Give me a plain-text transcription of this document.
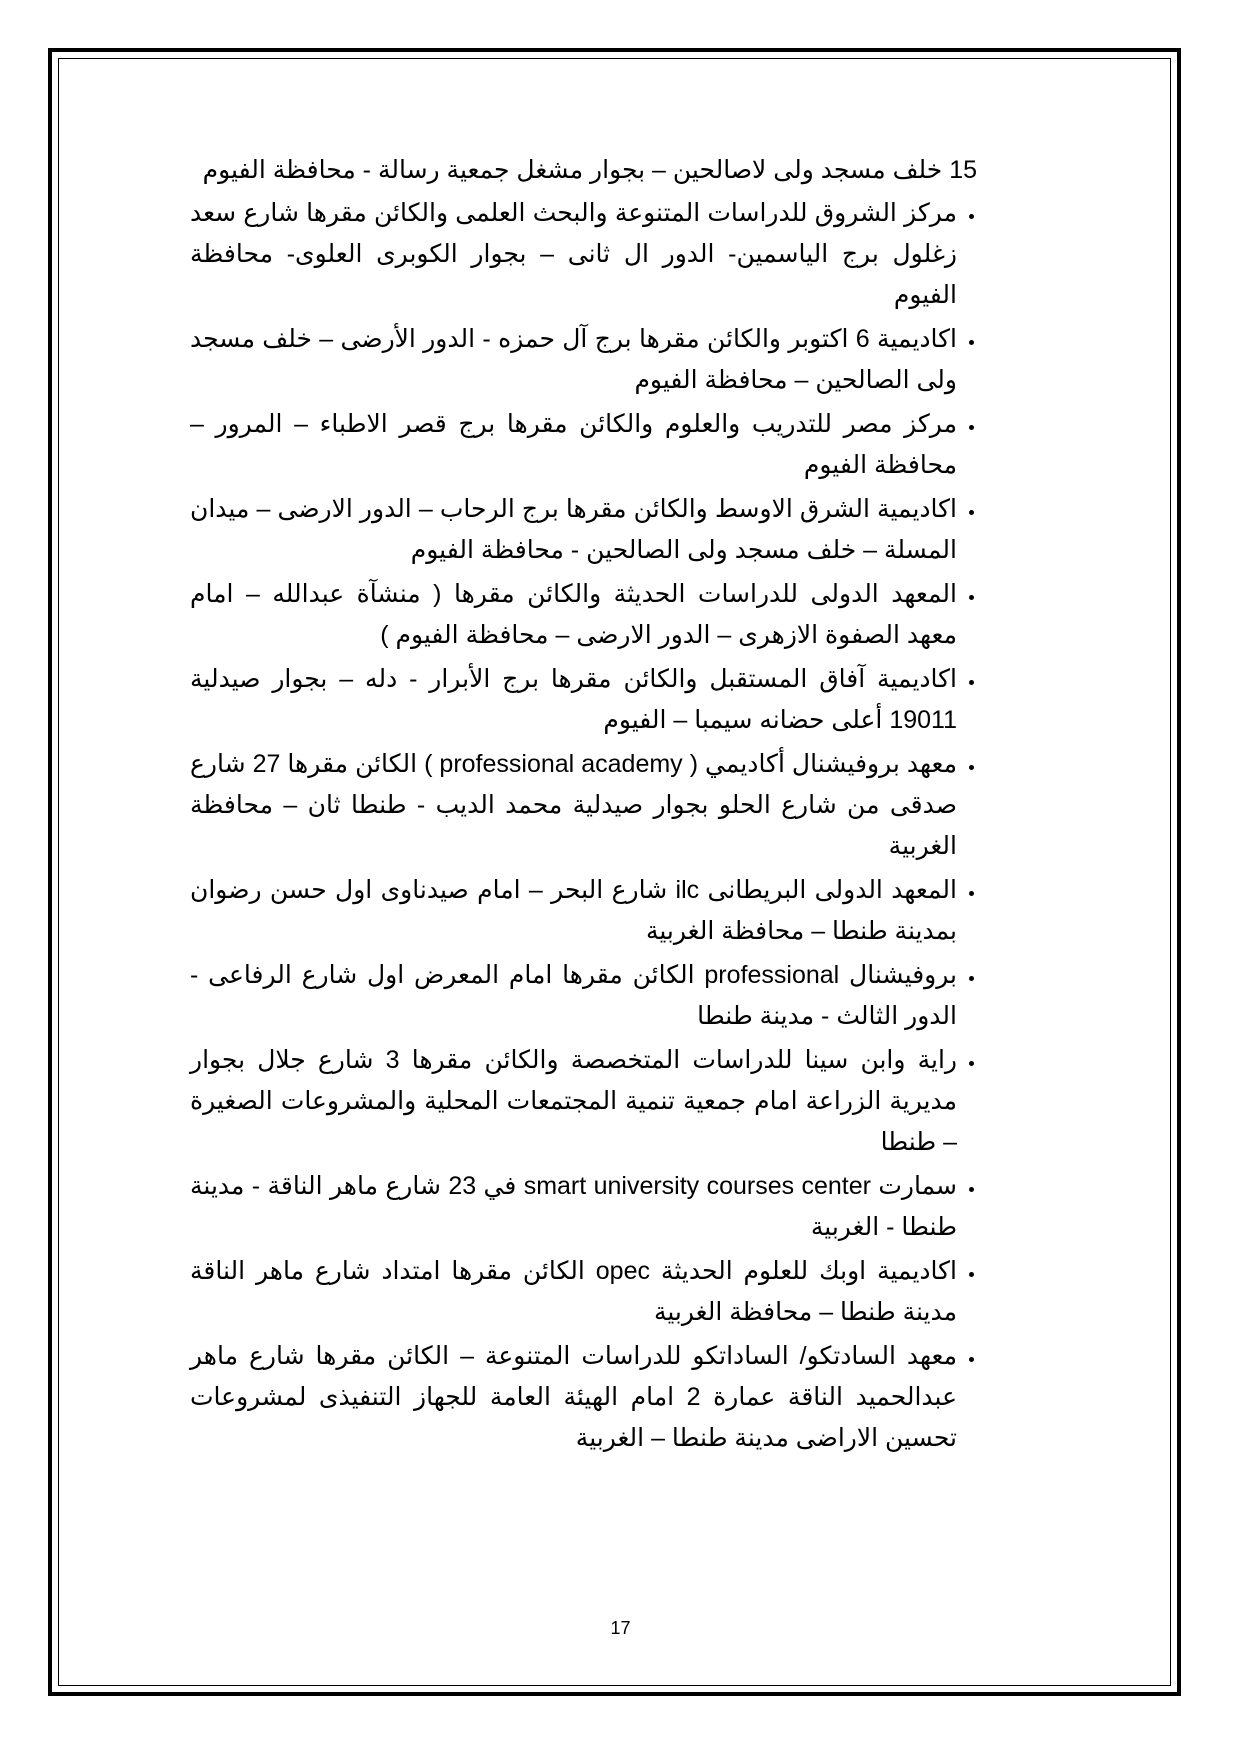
15 خلف مسجد ولى لاصالحين – بجوار مشغل جمعية رسالة - محافظة الفيوم

• مركز الشروق للدراسات المتنوعة والبحث العلمى والكائن مقرها شارع سعد زغلول برج الياسمين- الدور ال ثانى – بجوار الكوبرى العلوى- محافظة الفيوم
• اكاديمية 6 اكتوبر والكائن مقرها برج آل حمزه - الدور الأرضى – خلف مسجد ولى الصالحين – محافظة الفيوم
• مركز مصر للتدريب والعلوم والكائن مقرها برج قصر الاطباء – المرور – محافظة الفيوم
• اكاديمية الشرق الاوسط والكائن مقرها برج الرحاب – الدور الارضى – ميدان المسلة – خلف مسجد ولى الصالحين - محافظة الفيوم
• المعهد الدولى للدراسات الحديثة والكائن مقرها ( منشآة عبدالله – امام معهد الصفوة الازهرى – الدور الارضى – محافظة الفيوم )
• اكاديمية آفاق المستقبل والكائن مقرها برج الأبرار - دله – بجوار صيدلية 19011 أعلى حضانه سيمبا – الفيوم
• معهد بروفيشنال أكاديمي ( professional academy ) الكائن مقرها 27 شارع صدقى من شارع الحلو بجوار صيدلية محمد الديب - طنطا ثان – محافظة الغربية
• المعهد الدولى البريطانى ilc شارع البحر – امام صيدناوى اول حسن رضوان بمدينة طنطا – محافظة الغربية
• بروفيشنال professional الكائن مقرها امام المعرض اول شارع الرفاعى - الدور الثالث - مدينة طنطا
• راية وابن سينا للدراسات المتخصصة والكائن مقرها 3 شارع جلال بجوار مديرية الزراعة امام جمعية تنمية المجتمعات المحلية والمشروعات الصغيرة – طنطا
• سمارت smart university courses center في 23 شارع ماهر الناقة - مدينة طنطا - الغربية
• اكاديمية اوبك للعلوم الحديثة opec الكائن مقرها امتداد شارع ماهر الناقة مدينة طنطا – محافظة الغربية
• معهد السادتكو/ الساداتكو للدراسات المتنوعة – الكائن مقرها شارع ماهر عبدالحميد الناقة عمارة 2 امام الهيئة العامة للجهاز التنفيذى لمشروعات تحسين الاراضى مدينة طنطا – الغربية
17
